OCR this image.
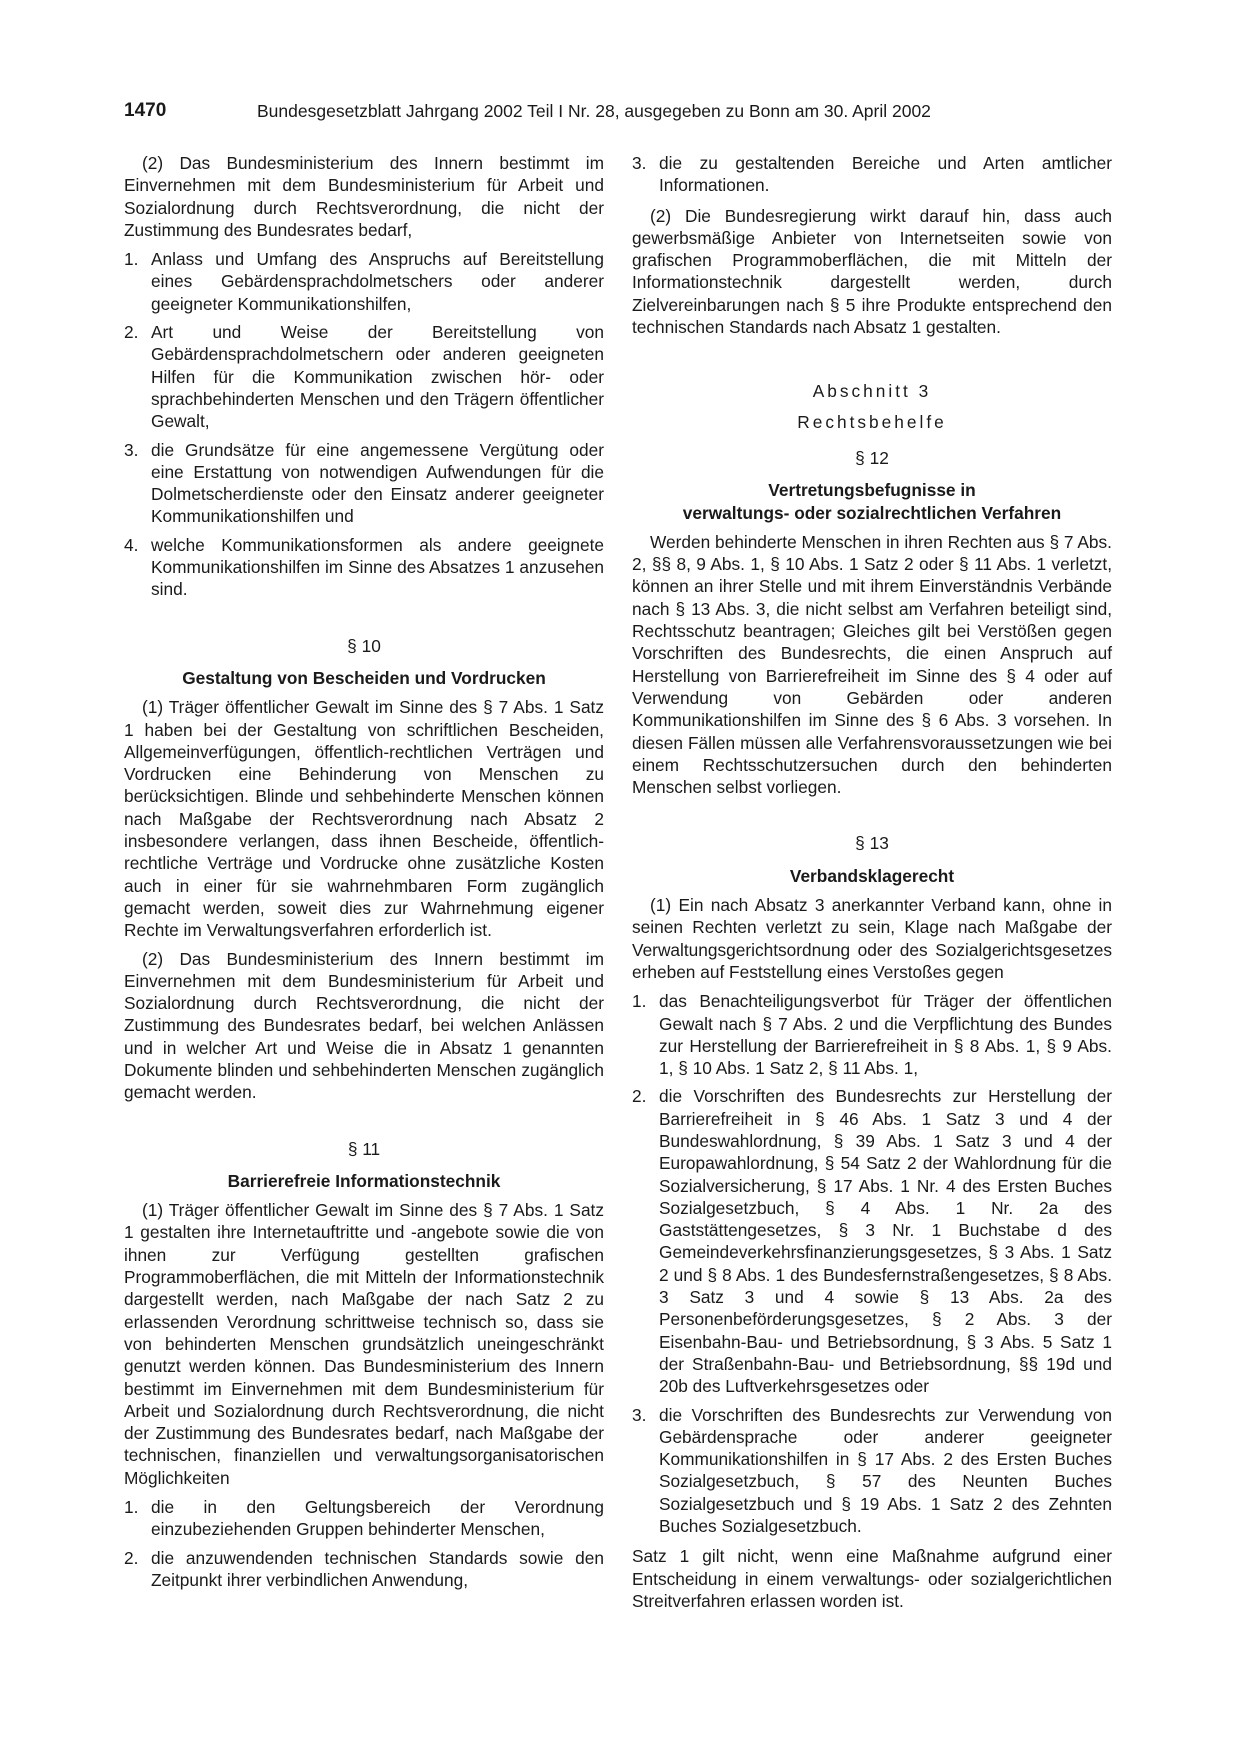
1470	Bundesgesetzblatt Jahrgang 2002 Teil I Nr. 28, ausgegeben zu Bonn am 30. April 2002

(2) Das Bundesministerium des Innern bestimmt im Einvernehmen mit dem Bundesministerium für Arbeit und Sozialordnung durch Rechtsverordnung, die nicht der Zustimmung des Bundesrates bedarf,

1. Anlass und Umfang des Anspruchs auf Bereitstellung eines Gebärdensprachdolmetschers oder anderer geeigneter Kommunikationshilfen,
2. Art und Weise der Bereitstellung von Gebärdensprachdolmetschern oder anderen geeigneten Hilfen für die Kommunikation zwischen hör- oder sprachbehinderten Menschen und den Trägern öffentlicher Gewalt,
3. die Grundsätze für eine angemessene Vergütung oder eine Erstattung von notwendigen Aufwendungen für die Dolmetscherdienste oder den Einsatz anderer geeigneter Kommunikationshilfen und
4. welche Kommunikationsformen als andere geeignete Kommunikationshilfen im Sinne des Absatzes 1 anzusehen sind.
§ 10
Gestaltung von Bescheiden und Vordrucken

(1) Träger öffentlicher Gewalt im Sinne des § 7 Abs. 1 Satz 1 haben bei der Gestaltung von schriftlichen Bescheiden, Allgemeinverfügungen, öffentlich-rechtlichen Verträgen und Vordrucken eine Behinderung von Menschen zu berücksichtigen. Blinde und sehbehinderte Menschen können nach Maßgabe der Rechtsverordnung nach Absatz 2 insbesondere verlangen, dass ihnen Bescheide, öffentlich-rechtliche Verträge und Vordrucke ohne zusätzliche Kosten auch in einer für sie wahrnehmbaren Form zugänglich gemacht werden, soweit dies zur Wahrnehmung eigener Rechte im Verwaltungsverfahren erforderlich ist.

(2) Das Bundesministerium des Innern bestimmt im Einvernehmen mit dem Bundesministerium für Arbeit und Sozialordnung durch Rechtsverordnung, die nicht der Zustimmung des Bundesrates bedarf, bei welchen Anlässen und in welcher Art und Weise die in Absatz 1 genannten Dokumente blinden und sehbehinderten Menschen zugänglich gemacht werden.

§ 11
Barrierefreie Informationstechnik

(1) Träger öffentlicher Gewalt im Sinne des § 7 Abs. 1 Satz 1 gestalten ihre Internetauftritte und -angebote sowie die von ihnen zur Verfügung gestellten grafischen Programmoberflächen, die mit Mitteln der Informationstechnik dargestellt werden, nach Maßgabe der nach Satz 2 zu erlassenden Verordnung schrittweise technisch so, dass sie von behinderten Menschen grundsätzlich uneingeschränkt genutzt werden können. Das Bundesministerium des Innern bestimmt im Einvernehmen mit dem Bundesministerium für Arbeit und Sozialordnung durch Rechtsverordnung, die nicht der Zustimmung des Bundesrates bedarf, nach Maßgabe der technischen, finanziellen und verwaltungsorganisatorischen Möglichkeiten

1. die in den Geltungsbereich der Verordnung einzubeziehenden Gruppen behinderter Menschen,
2. die anzuwendenden technischen Standards sowie den Zeitpunkt ihrer verbindlichen Anwendung,
3. die zu gestaltenden Bereiche und Arten amtlicher Informationen.

(2) Die Bundesregierung wirkt darauf hin, dass auch gewerbsmäßige Anbieter von Internetseiten sowie von grafischen Programmoberflächen, die mit Mitteln der Informationstechnik dargestellt werden, durch Zielvereinbarungen nach § 5 ihre Produkte entsprechend den technischen Standards nach Absatz 1 gestalten.

Abschnitt 3
Rechtsbehelfe
§ 12
Vertretungsbefugnisse in
verwaltungs- oder sozialrechtlichen Verfahren

Werden behinderte Menschen in ihren Rechten aus § 7 Abs. 2, §§ 8, 9 Abs. 1, § 10 Abs. 1 Satz 2 oder § 11 Abs. 1 verletzt, können an ihrer Stelle und mit ihrem Einverständnis Verbände nach § 13 Abs. 3, die nicht selbst am Verfahren beteiligt sind, Rechtsschutz beantragen; Gleiches gilt bei Verstößen gegen Vorschriften des Bundesrechts, die einen Anspruch auf Herstellung von Barrierefreiheit im Sinne des § 4 oder auf Verwendung von Gebärden oder anderen Kommunikationshilfen im Sinne des § 6 Abs. 3 vorsehen. In diesen Fällen müssen alle Verfahrensvoraussetzungen wie bei einem Rechtsschutzersuchen durch den behinderten Menschen selbst vorliegen.

§ 13
Verbandsklagerecht

(1) Ein nach Absatz 3 anerkannter Verband kann, ohne in seinen Rechten verletzt zu sein, Klage nach Maßgabe der Verwaltungsgerichtsordnung oder des Sozialgerichtsgesetzes erheben auf Feststellung eines Verstoßes gegen

1. das Benachteiligungsverbot für Träger der öffentlichen Gewalt nach § 7 Abs. 2 und die Verpflichtung des Bundes zur Herstellung der Barrierefreiheit in § 8 Abs. 1, § 9 Abs. 1, § 10 Abs. 1 Satz 2, § 11 Abs. 1,
2. die Vorschriften des Bundesrechts zur Herstellung der Barrierefreiheit in § 46 Abs. 1 Satz 3 und 4 der Bundeswahlordnung, § 39 Abs. 1 Satz 3 und 4 der Europawahlordnung, § 54 Satz 2 der Wahlordnung für die Sozialversicherung, § 17 Abs. 1 Nr. 4 des Ersten Buches Sozialgesetzbuch, § 4 Abs. 1 Nr. 2a des Gaststättengesetzes, § 3 Nr. 1 Buchstabe d des Gemeindeverkehrsfinanzierungsgesetzes, § 3 Abs. 1 Satz 2 und § 8 Abs. 1 des Bundesfernstraßengesetzes, § 8 Abs. 3 Satz 3 und 4 sowie § 13 Abs. 2a des Personenbeförderungsgesetzes, § 2 Abs. 3 der Eisenbahn-Bau- und Betriebsordnung, § 3 Abs. 5 Satz 1 der Straßenbahn-Bau- und Betriebsordnung, §§ 19d und 20b des Luftverkehrsgesetzes oder
3. die Vorschriften des Bundesrechts zur Verwendung von Gebärdensprache oder anderer geeigneter Kommunikationshilfen in § 17 Abs. 2 des Ersten Buches Sozialgesetzbuch, § 57 des Neunten Buches Sozialgesetzbuch und § 19 Abs. 1 Satz 2 des Zehnten Buches Sozialgesetzbuch.

Satz 1 gilt nicht, wenn eine Maßnahme aufgrund einer Entscheidung in einem verwaltungs- oder sozialgerichtlichen Streitverfahren erlassen worden ist.
